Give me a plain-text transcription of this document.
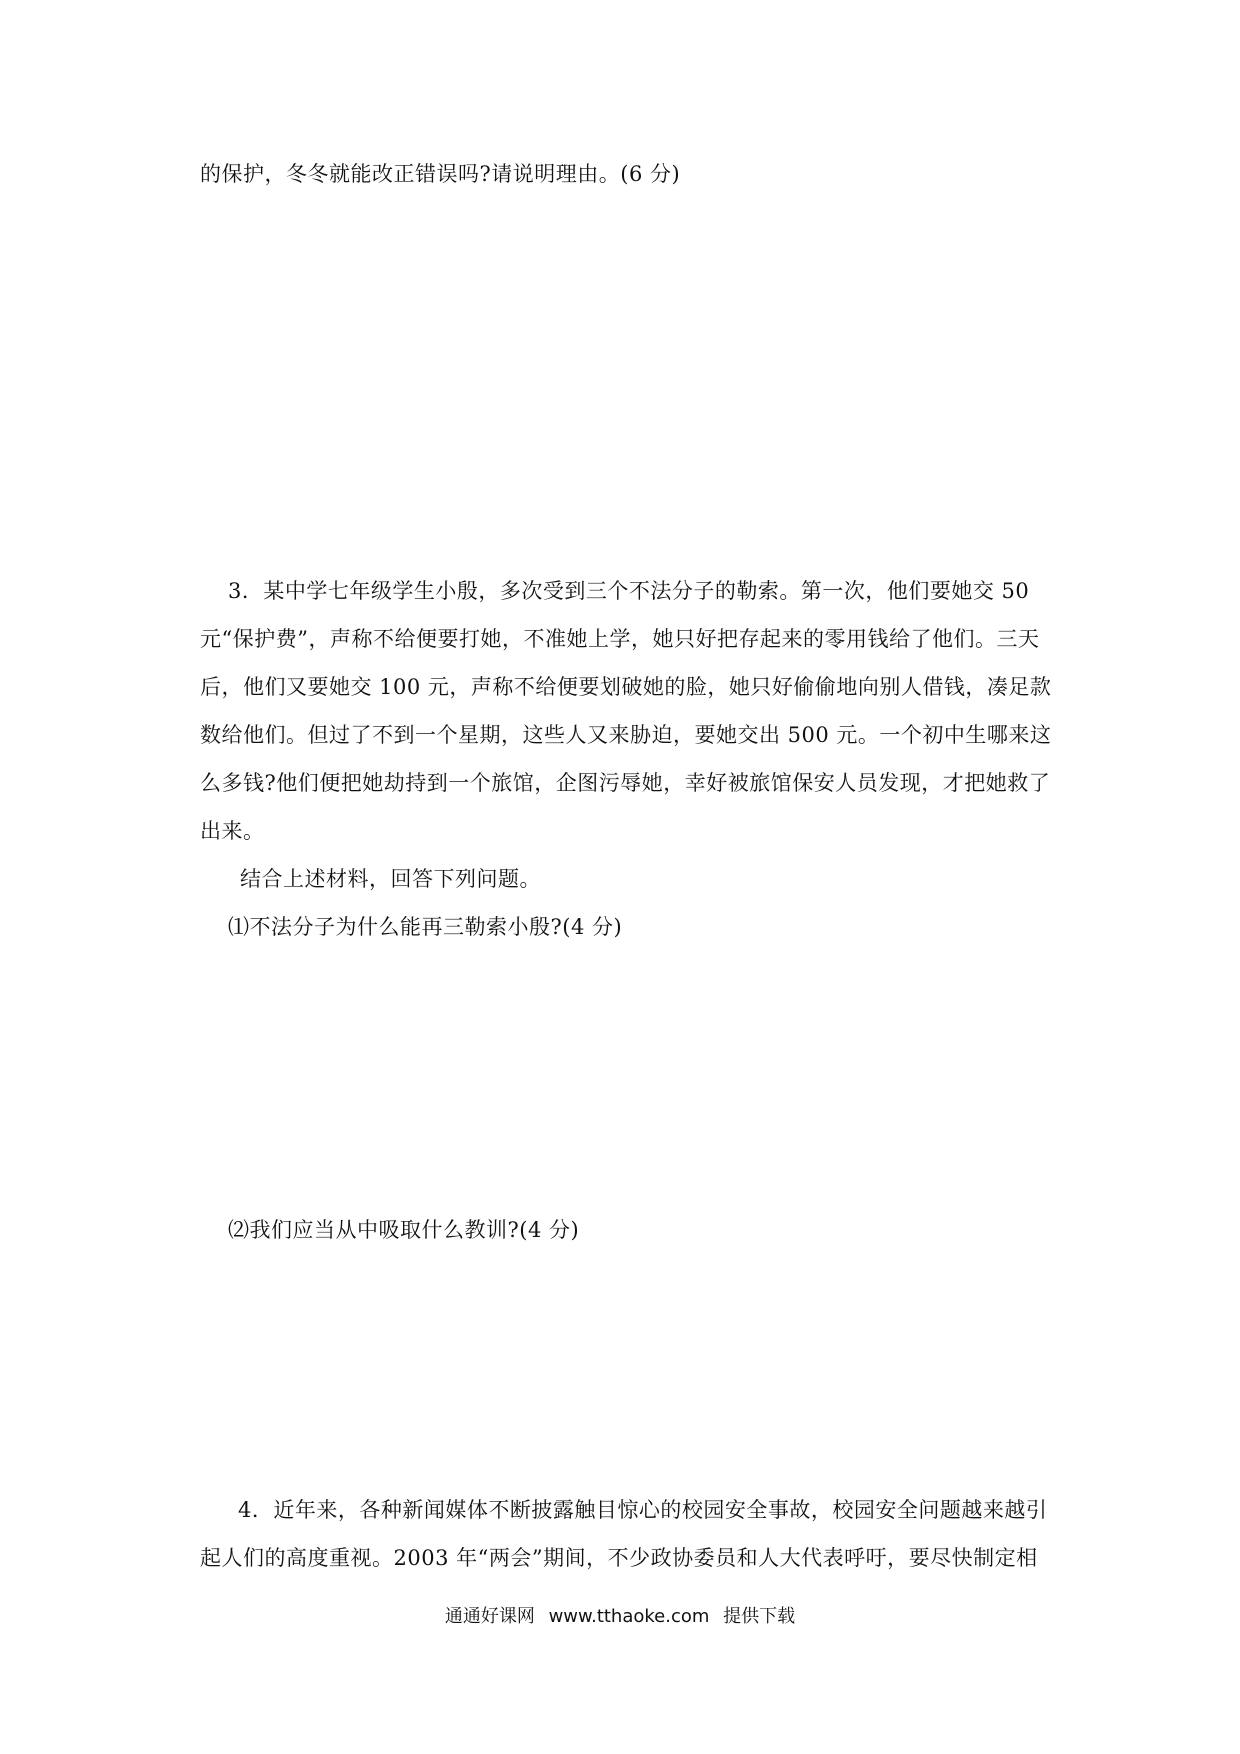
的保护，冬冬就能改正错误吗?请说明理由。(6 分)
3．某中学七年级学生小殷，多次受到三个不法分子的勒索。第一次，他们要她交 50
元“保护费”，声称不给便要打她，不准她上学，她只好把存起来的零用钱给了他们。三天
后，他们又要她交 100 元，声称不给便要划破她的脸，她只好偷偷地向别人借钱，凑足款
数给他们。但过了不到一个星期，这些人又来胁迫，要她交出 500 元。一个初中生哪来这
么多钱?他们便把她劫持到一个旅馆，企图污辱她，幸好被旅馆保安人员发现，才把她救了
出来。
结合上述材料，回答下列问题。
⑴不法分子为什么能再三勒索小殷?(4 分)
⑵我们应当从中吸取什么教训?(4 分)
4．近年来，各种新闻媒体不断披露触目惊心的校园安全事故，校园安全问题越来越引
起人们的高度重视。2003 年“两会”期间，不少政协委员和人大代表呼吁，要尽快制定相
通通好课网 www.tthaoke.com 提供下载
